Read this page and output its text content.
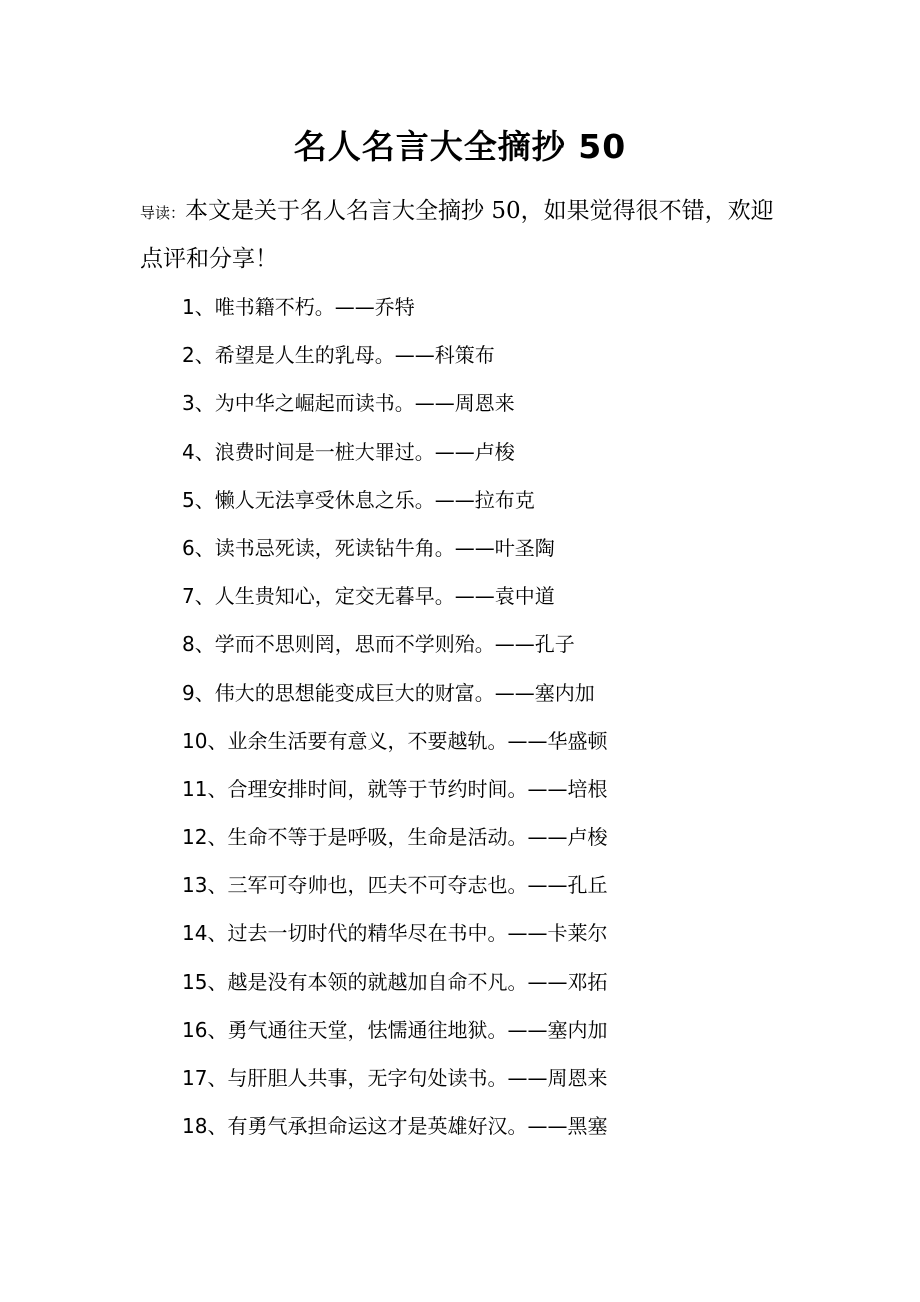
名人名言大全摘抄 50

导读：本文是关于名人名言大全摘抄 50，如果觉得很不错，欢迎点评和分享！

1、唯书籍不朽。——乔特
2、希望是人生的乳母。——科策布
3、为中华之崛起而读书。——周恩来
4、浪费时间是一桩大罪过。——卢梭
5、懒人无法享受休息之乐。——拉布克
6、读书忌死读，死读钻牛角。——叶圣陶
7、人生贵知心，定交无暮早。——袁中道
8、学而不思则罔，思而不学则殆。——孔子
9、伟大的思想能变成巨大的财富。——塞内加
10、业余生活要有意义，不要越轨。——华盛顿
11、合理安排时间，就等于节约时间。——培根
12、生命不等于是呼吸，生命是活动。——卢梭
13、三军可夺帅也，匹夫不可夺志也。——孔丘
14、过去一切时代的精华尽在书中。——卡莱尔
15、越是没有本领的就越加自命不凡。——邓拓
16、勇气通往天堂，怯懦通往地狱。——塞内加
17、与肝胆人共事，无字句处读书。——周恩来
18、有勇气承担命运这才是英雄好汉。——黑塞
